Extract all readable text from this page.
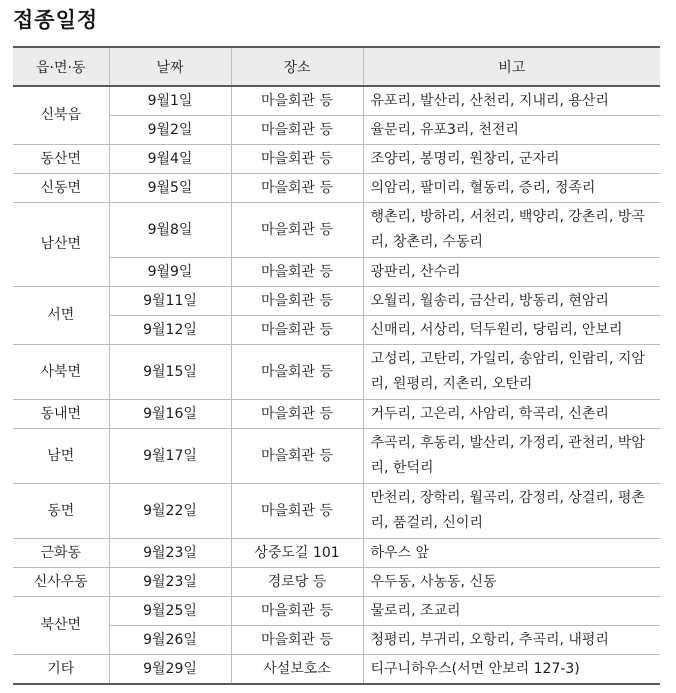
접종일정
읍·면·동	날짜	장소	비고
신북읍	9월1일	마을회관 등	유포리, 발산리, 산천리, 지내리, 용산리
	9월2일	마을회관 등	율문리, 유포3리, 천전리
동산면	9월4일	마을회관 등	조양리, 봉명리, 원창리, 군자리
신동면	9월5일	마을회관 등	의암리, 팔미리, 혈동리, 증리, 정족리
남산면	9월8일	마을회관 등	행촌리, 방하리, 서천리, 백양리, 강촌리, 방곡리, 창촌리, 수동리
	9월9일	마을회관 등	광판리, 산수리
서면	9월11일	마을회관 등	오월리, 월송리, 금산리, 방동리, 현암리
	9월12일	마을회관 등	신매리, 서상리, 덕두원리, 당림리, 안보리
사북면	9월15일	마을회관 등	고성리, 고탄리, 가일리, 송암리, 인람리, 지암리, 원평리, 지촌리, 오탄리
동내면	9월16일	마을회관 등	거두리, 고은리, 사암리, 학곡리, 신촌리
남면	9월17일	마을회관 등	추곡리, 후동리, 발산리, 가정리, 관천리, 박암리, 한덕리
동면	9월22일	마을회관 등	만천리, 장학리, 월곡리, 감정리, 상걸리, 평촌리, 품걸리, 신이리
근화동	9월23일	상중도길 101	하우스 앞
신사우동	9월23일	경로당 등	우두동, 사농동, 신동
북산면	9월25일	마을회관 등	물로리, 조교리
	9월26일	마을회관 등	청평리, 부귀리, 오항리, 추곡리, 내평리
기타	9월29일	사설보호소	티구니하우스(서면 안보리 127-3)
